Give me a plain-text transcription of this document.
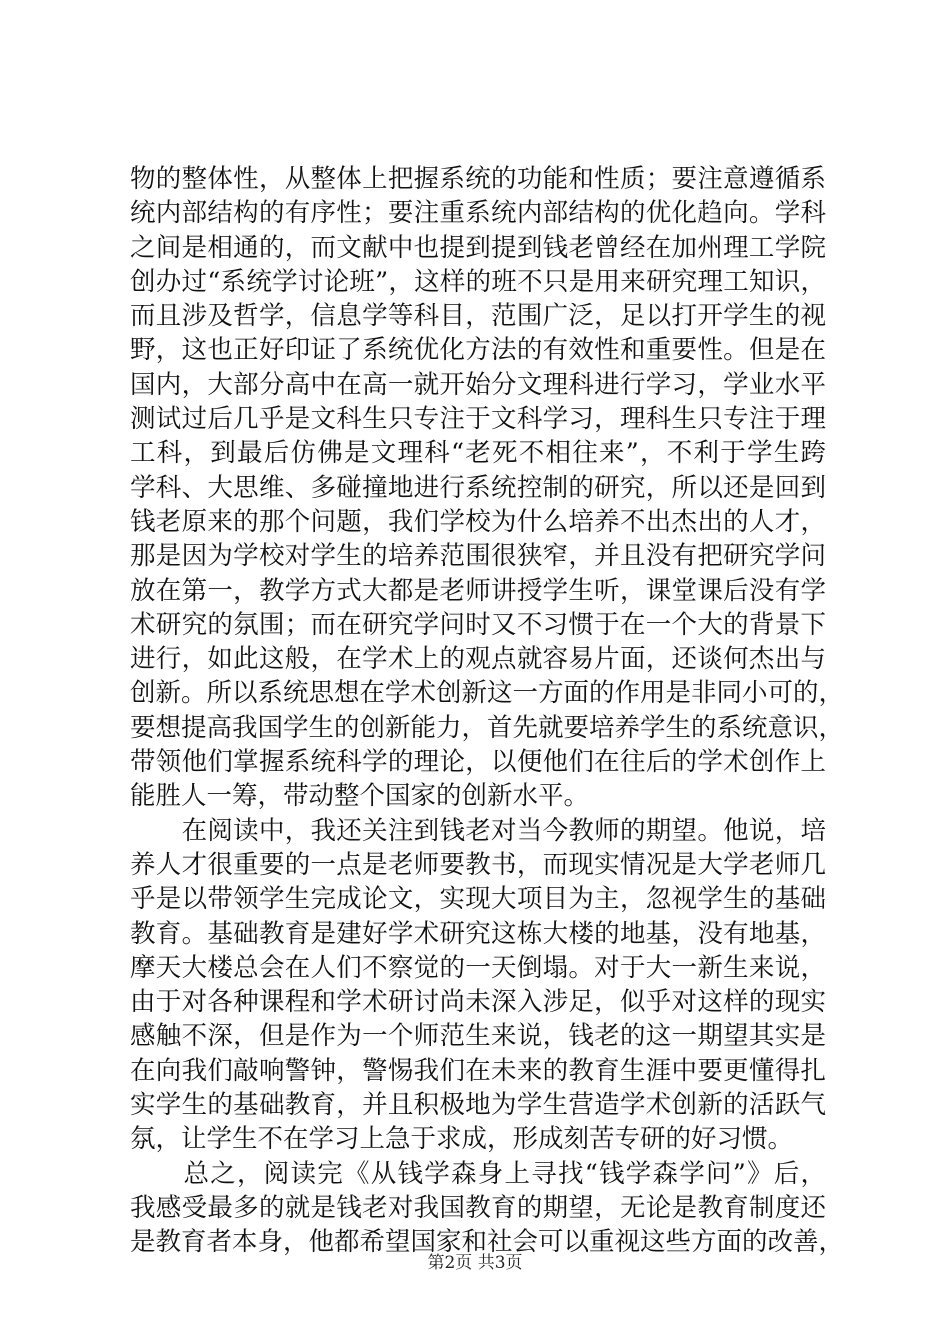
物的整体性，从整体上把握系统的功能和性质；要注意遵循系
统内部结构的有序性；要注重系统内部结构的优化趋向。学科
之间是相通的，而文献中也提到提到钱老曾经在加州理工学院
创办过“系统学讨论班”，这样的班不只是用来研究理工知识，
而且涉及哲学，信息学等科目，范围广泛，足以打开学生的视
野，这也正好印证了系统优化方法的有效性和重要性。但是在
国内，大部分高中在高一就开始分文理科进行学习，学业水平
测试过后几乎是文科生只专注于文科学习，理科生只专注于理
工科，到最后仿佛是文理科“老死不相往来”，不利于学生跨
学科、大思维、多碰撞地进行系统控制的研究，所以还是回到
钱老原来的那个问题，我们学校为什么培养不出杰出的人才，
那是因为学校对学生的培养范围很狭窄，并且没有把研究学问
放在第一，教学方式大都是老师讲授学生听，课堂课后没有学
术研究的氛围；而在研究学问时又不习惯于在一个大的背景下
进行，如此这般，在学术上的观点就容易片面，还谈何杰出与
创新。所以系统思想在学术创新这一方面的作用是非同小可的，
要想提高我国学生的创新能力，首先就要培养学生的系统意识，
带领他们掌握系统科学的理论，以便他们在往后的学术创作上
能胜人一筹，带动整个国家的创新水平。
　　在阅读中，我还关注到钱老对当今教师的期望。他说，培
养人才很重要的一点是老师要教书，而现实情况是大学老师几
乎是以带领学生完成论文，实现大项目为主，忽视学生的基础
教育。基础教育是建好学术研究这栋大楼的地基，没有地基，
摩天大楼总会在人们不察觉的一天倒塌。对于大一新生来说，
由于对各种课程和学术研讨尚未深入涉足，似乎对这样的现实
感触不深，但是作为一个师范生来说，钱老的这一期望其实是
在向我们敲响警钟，警惕我们在未来的教育生涯中要更懂得扎
实学生的基础教育，并且积极地为学生营造学术创新的活跃气
氛，让学生不在学习上急于求成，形成刻苦专研的好习惯。
　　总之，阅读完《从钱学森身上寻找“钱学森学问”》后，
我感受最多的就是钱老对我国教育的期望，无论是教育制度还
是教育者本身，他都希望国家和社会可以重视这些方面的改善，
第2页 共3页
